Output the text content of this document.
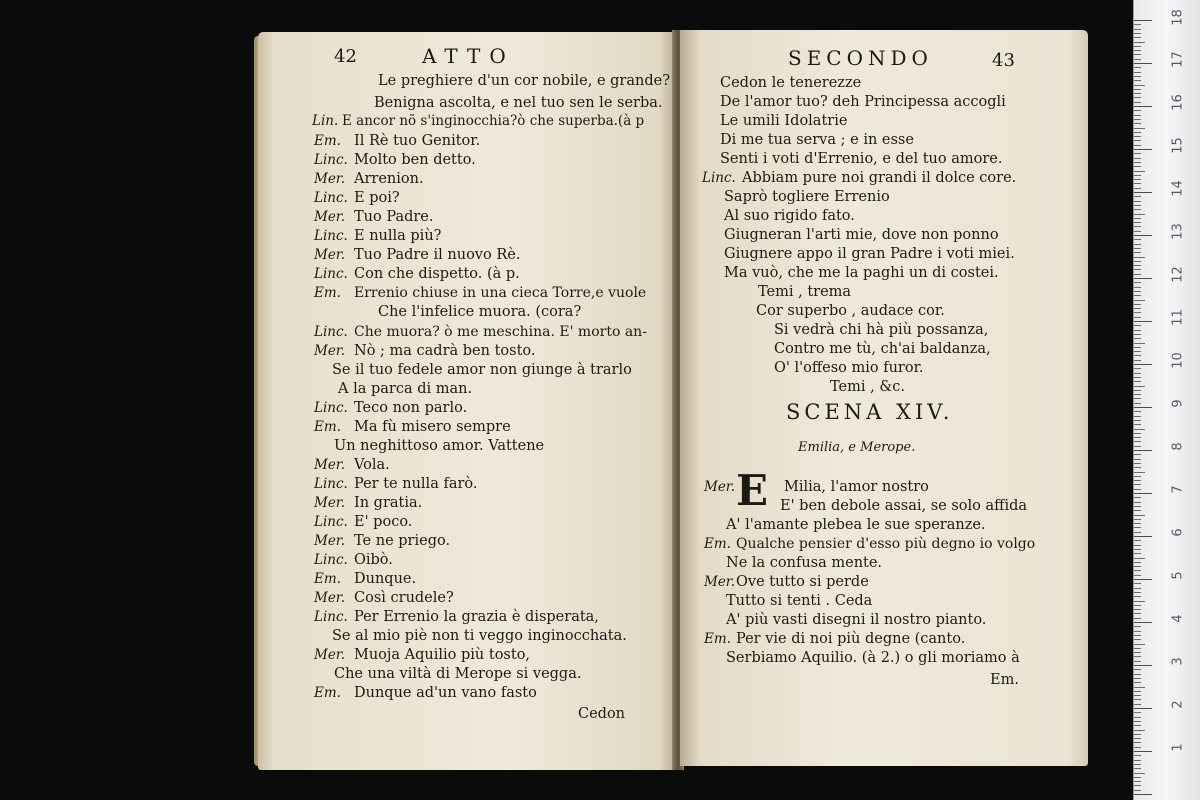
42	ATTO
Le preghiere d'un cor nobile, e grande?
Benigna ascolta, e nel tuo sen le serba.
Lin. E ancor nõ s'inginocchia?ò che superba.(à p
Em. Il Rè tuo Genitor.
Linc. Molto ben detto.
Mer. Arrenion.
Linc. E poi?
Mer. Tuo Padre.
Linc. E nulla più?
Mer. Tuo Padre il nuovo Rè.
Linc. Con che dispetto. (à p.
Em. Errenio chiuse in una cieca Torre,e vuole
Che l'infelice muora. (cora?
Linc. Che muora? ò me meschina. E' morto an-
Mer. Nò ; ma cadrà ben tosto.
Se il tuo fedele amor non giunge à trarlo
A la parca di man.
Linc. Teco non parlo.
Em. Ma fù misero sempre
Un neghittoso amor. Vattene
Mer. Vola.
Linc. Per te nulla farò.
Mer. In gratia.
Linc. E' poco.
Mer. Te ne priego.
Linc. Oibò.
Em. Dunque.
Mer. Così crudele?
Linc. Per Errenio la grazia è disperata,
Se al mio piè non ti veggo inginocchata.
Mer. Muoja Aquilio più tosto,
Che una viltà di Merope si vegga.
Em. Dunque ad'un vano fasto
Cedon
SECONDO	43
Cedon le tenerezze
De l'amor tuo? deh Principessa accogli
Le umili Idolatrie
Di me tua serva ; e in esse
Senti i voti d'Errenio, e del tuo amore.
Linc. Abbiam pure noi grandi il dolce core.
Saprò togliere Errenio
Al suo rigido fato.
Giugneran l'arti mie, dove non ponno
Giugnere appo il gran Padre i voti miei.
Ma vuò, che me la paghi un di costei.
Temi , trema
Cor superbo , audace cor.
Si vedrà chi hà più possanza,
Contro me tù, ch'ai baldanza,
O' l'offeso mio furor.
Temi , &c.
SCENA XIV.
Emilia, e Merope.
E
Mer.	Milia, l'amor nostro
E' ben debole assai, se solo affida
A' l'amante plebea le sue speranze.
Em. Qualche pensier d'esso più degno io volgo
Ne la confusa mente.
Mer.Ove tutto si perde
Tutto si tenti . Ceda
A' più vasti disegni il nostro pianto.
Em. Per vie di noi più degne (canto.
Serbiamo Aquilio. (à 2.) o gli moriamo à
Em.
18
17
16
15
14
13
12
11
10
9
8
7
6
5
4
3
2
1
